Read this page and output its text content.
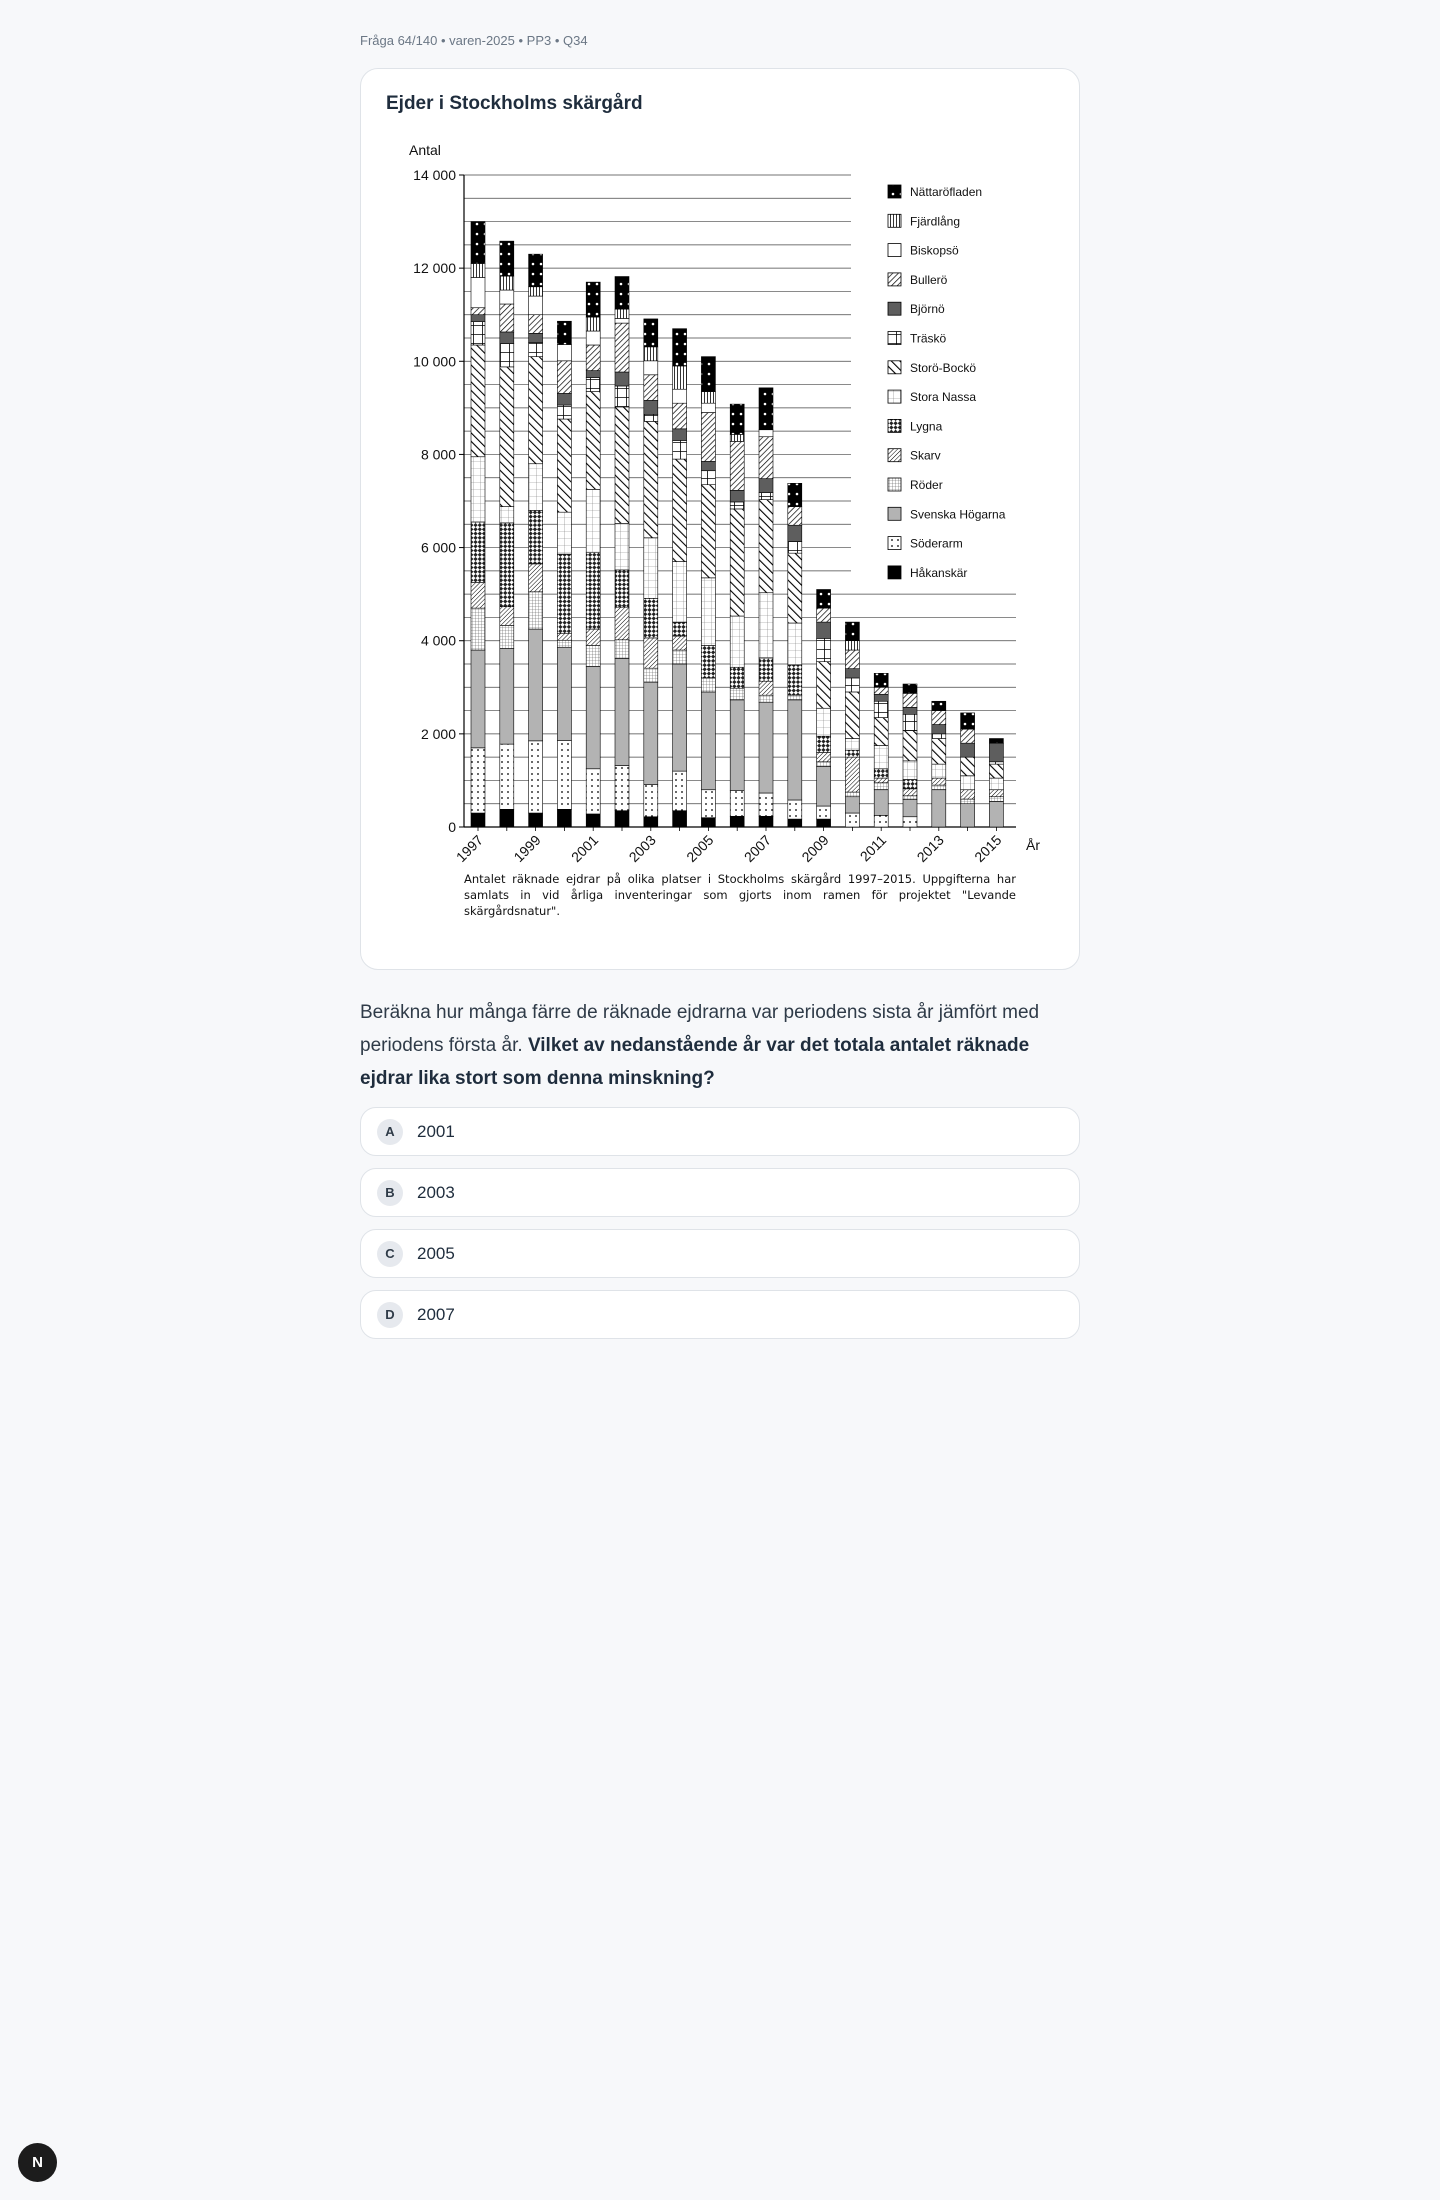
Fråga 64/140 • varen-2025 • PP3 • Q34
Ejder i Stockholms skärgård
0
2 000
4 000
6 000
8 000
10 000
12 000
14 000
Antal
År
1997 1999 2001 2003 2005 2007 2009 2011 2013 2015
Nättaröfladen
Fjärdlång
Biskopsö
Bullerö
Björnö
Träskö
Storö-Bockö
Stora Nassa
Lygna
Skarv
Röder
Svenska Högarna
Söderarm
Håkanskär
Antalet räknade ejdrar på olika platser i Stockholms skärgård 1997–2015. Uppgifterna har samlats in vid årliga inventeringar som gjorts inom ramen för projektet "Levande skärgårdsnatur".
Beräkna hur många färre de räknade ejdrarna var periodens sista år jämfört med periodens första år. Vilket av nedanstående år var det totala antalet räknade ejdrar lika stort som denna minskning?
A	2001
B	2003
C	2005
D	2007
N
